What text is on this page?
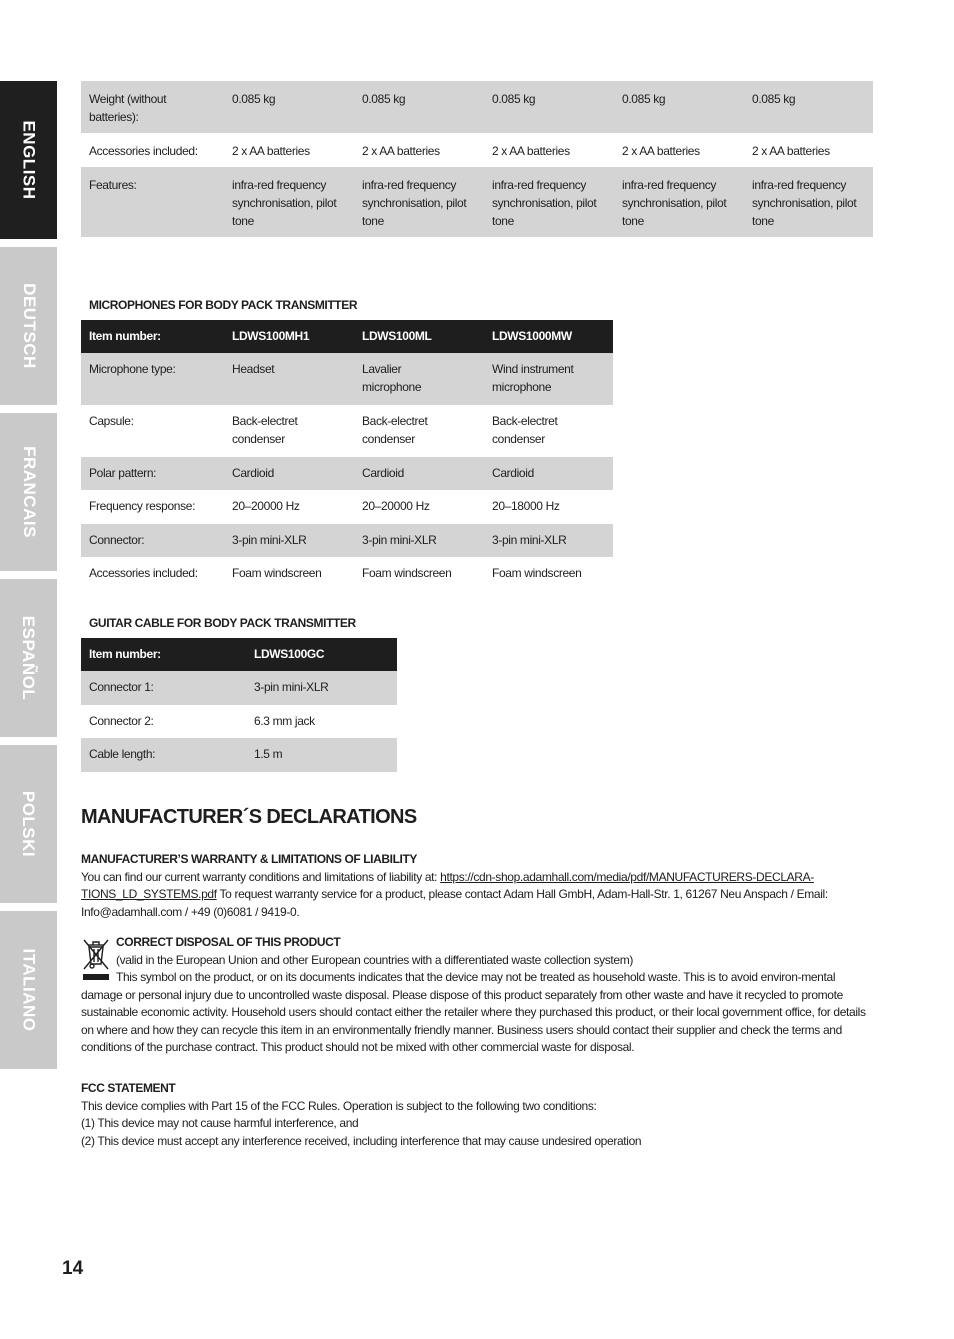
ENGLISH
DEUTSCH
FRANCAIS
ESPAÑOL
POLSKI
ITALIANO
Weight (without batteries):	0.085 kg	0.085 kg	0.085 kg	0.085 kg	0.085 kg
Accessories included:	2 x AA batteries	2 x AA batteries	2 x AA batteries	2 x AA batteries	2 x AA batteries
Features:	infra-red frequency synchronisation, pilot tone	infra-red frequency synchronisation, pilot tone	infra-red frequency synchronisation, pilot tone	infra-red frequency synchronisation, pilot tone	infra-red frequency synchronisation, pilot tone
MICROPHONES FOR BODY PACK TRANSMITTER
Item number:	LDWS100MH1	LDWS100ML	LDWS1000MW
Microphone type:	Headset	Lavalier microphone	Wind instrument microphone
Capsule:	Back-electret condenser	Back-electret condenser	Back-electret condenser
Polar pattern:	Cardioid	Cardioid	Cardioid
Frequency response:	20–20000 Hz	20–20000 Hz	20–18000 Hz
Connector:	3-pin mini-XLR	3-pin mini-XLR	3-pin mini-XLR
Accessories included:	Foam windscreen	Foam windscreen	Foam windscreen
GUITAR CABLE FOR BODY PACK TRANSMITTER
Item number:	LDWS100GC
Connector 1:	3-pin mini-XLR
Connector 2:	6.3 mm jack
Cable length:	1.5 m
MANUFACTURER´S DECLARATIONS
MANUFACTURER’S WARRANTY & LIMITATIONS OF LIABILITY
You can find our current warranty conditions and limitations of liability at: https://cdn-shop.adamhall.com/media/pdf/MANUFACTURERS-DECLARA-TIONS_LD_SYSTEMS.pdf To request warranty service for a product, please contact Adam Hall GmbH, Adam-Hall-Str. 1, 61267 Neu Anspach / Email: Info@adamhall.com / +49 (0)6081 / 9419-0.
CORRECT DISPOSAL OF THIS PRODUCT
(valid in the European Union and other European countries with a differentiated waste collection system)
This symbol on the product, or on its documents indicates that the device may not be treated as household waste. This is to avoid environ-mental damage or personal injury due to uncontrolled waste disposal. Please dispose of this product separately from other waste and have it recycled to promote sustainable economic activity. Household users should contact either the retailer where they purchased this product, or their local government office, for details on where and how they can recycle this item in an environmentally friendly manner. Business users should contact their supplier and check the terms and conditions of the purchase contract. This product should not be mixed with other commercial waste for disposal.
FCC STATEMENT
This device complies with Part 15 of the FCC Rules. Operation is subject to the following two conditions:
(1) This device may not cause harmful interference, and
(2) This device must accept any interference received, including interference that may cause undesired operation
14
